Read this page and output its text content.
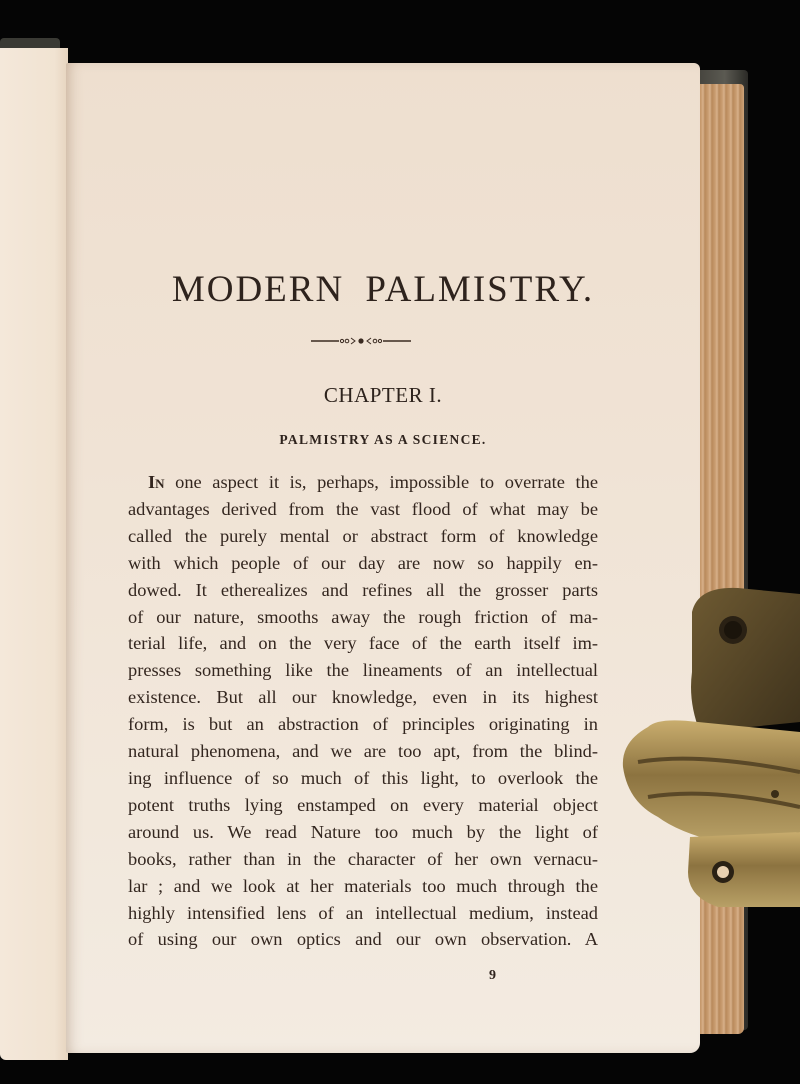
MODERN PALMISTRY.
CHAPTER I.
PALMISTRY AS A SCIENCE.
In one aspect it is, perhaps, impossible to overrate the
advantages derived from the vast flood of what may be
called the purely mental or abstract form of knowledge
with which people of our day are now so happily en-
dowed. It etherealizes and refines all the grosser parts
of our nature, smooths away the rough friction of ma-
terial life, and on the very face of the earth itself im-
presses something like the lineaments of an intellectual
existence. But all our knowledge, even in its highest
form, is but an abstraction of principles originating in
natural phenomena, and we are too apt, from the blind-
ing influence of so much of this light, to overlook the
potent truths lying enstamped on every material object
around us. We read Nature too much by the light of
books, rather than in the character of her own vernacu-
lar ; and we look at her materials too much through the
highly intensified lens of an intellectual medium, instead
of using our own optics and our own observation. A
9
